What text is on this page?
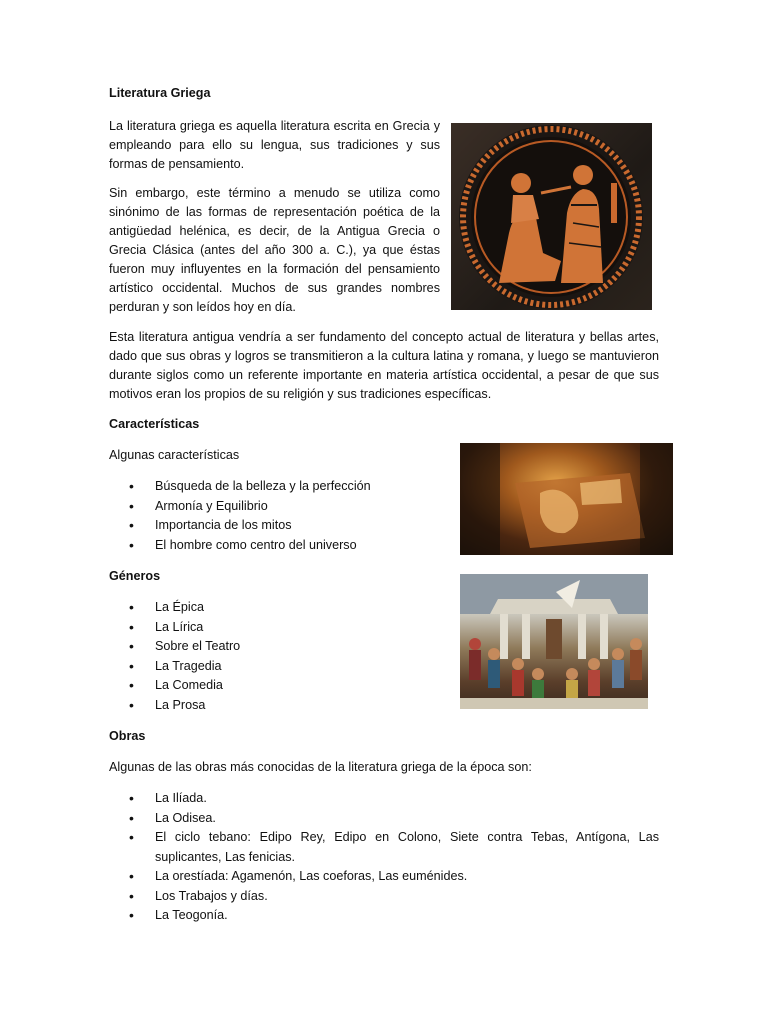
Literatura Griega

La literatura griega es aquella literatura escrita en Grecia y empleando para ello su lengua, sus tradiciones y sus formas de pensamiento.

Sin embargo, este término a menudo se utiliza como sinónimo de las formas de representación poética de la antigüedad helénica, es decir, de la Antigua Grecia o Grecia Clásica (antes del año 300 a. C.), ya que éstas fueron muy influyentes en la formación del pensamiento artístico occidental. Muchos de sus grandes nombres perduran y son leídos hoy en día.

Esta literatura antigua vendría a ser fundamento del concepto actual de literatura y bellas artes, dado que sus obras y logros se transmitieron a la cultura latina y romana, y luego se mantuvieron durante siglos como un referente importante en materia artística occidental, a pesar de que sus motivos eran los propios de su religión y sus tradiciones específicas.

Características

Algunas características

• Búsqueda de la belleza y la perfección
• Armonía y Equilibrio
• Importancia de los mitos
• El hombre como centro del universo

Géneros

• La Épica
• La Lírica
• Sobre el Teatro
• La Tragedia
• La Comedia
• La Prosa

Obras

Algunas de las obras más conocidas de la literatura griega de la época son:

• La Ilíada.
• La Odisea.
• El ciclo tebano: Edipo Rey, Edipo en Colono, Siete contra Tebas, Antígona, Las suplicantes, Las fenicias.
• La orestíada: Agamenón, Las coeforas, Las euménides.
• Los Trabajos y días.
• La Teogonía.
